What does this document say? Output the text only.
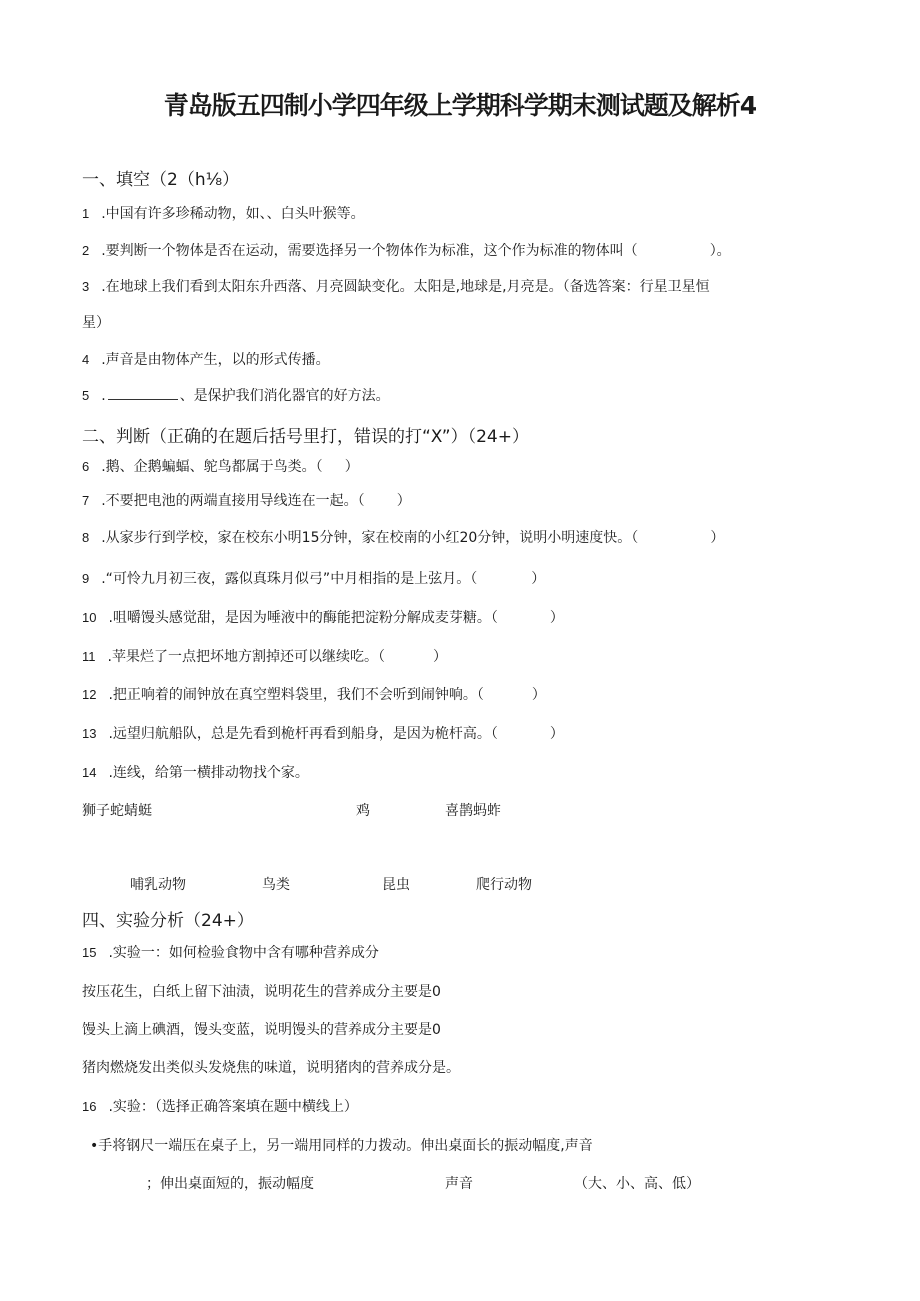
青岛版五四制小学四年级上学期科学期末测试题及解析4
一、填空（2（h⅛）
1 .中国有许多珍稀动物，如、、白头叶猴等。
2 .要判断一个物体是否在运动，需要选择另一个物体作为标准，这个作为标准的物体叫（	）。
3 .在地球上我们看到太阳东升西落、月亮圆缺变化。太阳是,地球是,月亮是。（备选答案：行星卫星恒
星）
4 .声音是由物体产生，以的形式传播。
5 .	、是保护我们消化器官的好方法。
二、判断（正确的在题后括号里打，错误的打“X”）（24+）
6 .鹅、企鹅蝙蝠、鸵鸟都属于鸟类。（ ）
7 .不要把电池的两端直接用导线连在一起。（ ）
8 .从家步行到学校，家在校东小明15分钟，家在校南的小红20分钟，说明小明速度快。（	）
9 .“可怜九月初三夜，露似真珠月似弓”中月相指的是上弦月。（	）
10 .咀嚼馒头感觉甜，是因为唾液中的酶能把淀粉分解成麦芽糖。（	）
11 .苹果烂了一点把坏地方割掉还可以继续吃。（	）
12 .把正响着的闹钟放在真空塑料袋里，我们不会听到闹钟响。（	）
13 .远望归航船队，总是先看到桅杆再看到船身，是因为桅杆高。（	）
14 .连线，给第一横排动物找个家。
狮子蛇蜻蜓	鸡	喜鹊蚂蚱
哺乳动物	鸟类	昆虫	爬行动物
四、实验分析（24+）
15 .实验一：如何检验食物中含有哪种营养成分
按压花生，白纸上留下油渍，说明花生的营养成分主要是0
馒头上滴上碘酒，馒头变蓝，说明馒头的营养成分主要是0
猪肉燃烧发出类似头发烧焦的味道，说明猪肉的营养成分是。
16 .实验：（选择正确答案填在题中横线上）
•手将钢尺一端压在桌子上，另一端用同样的力拨动。伸出桌面长的振动幅度,声音
；伸出桌面短的，振动幅度	声音	（大、小、高、低）
